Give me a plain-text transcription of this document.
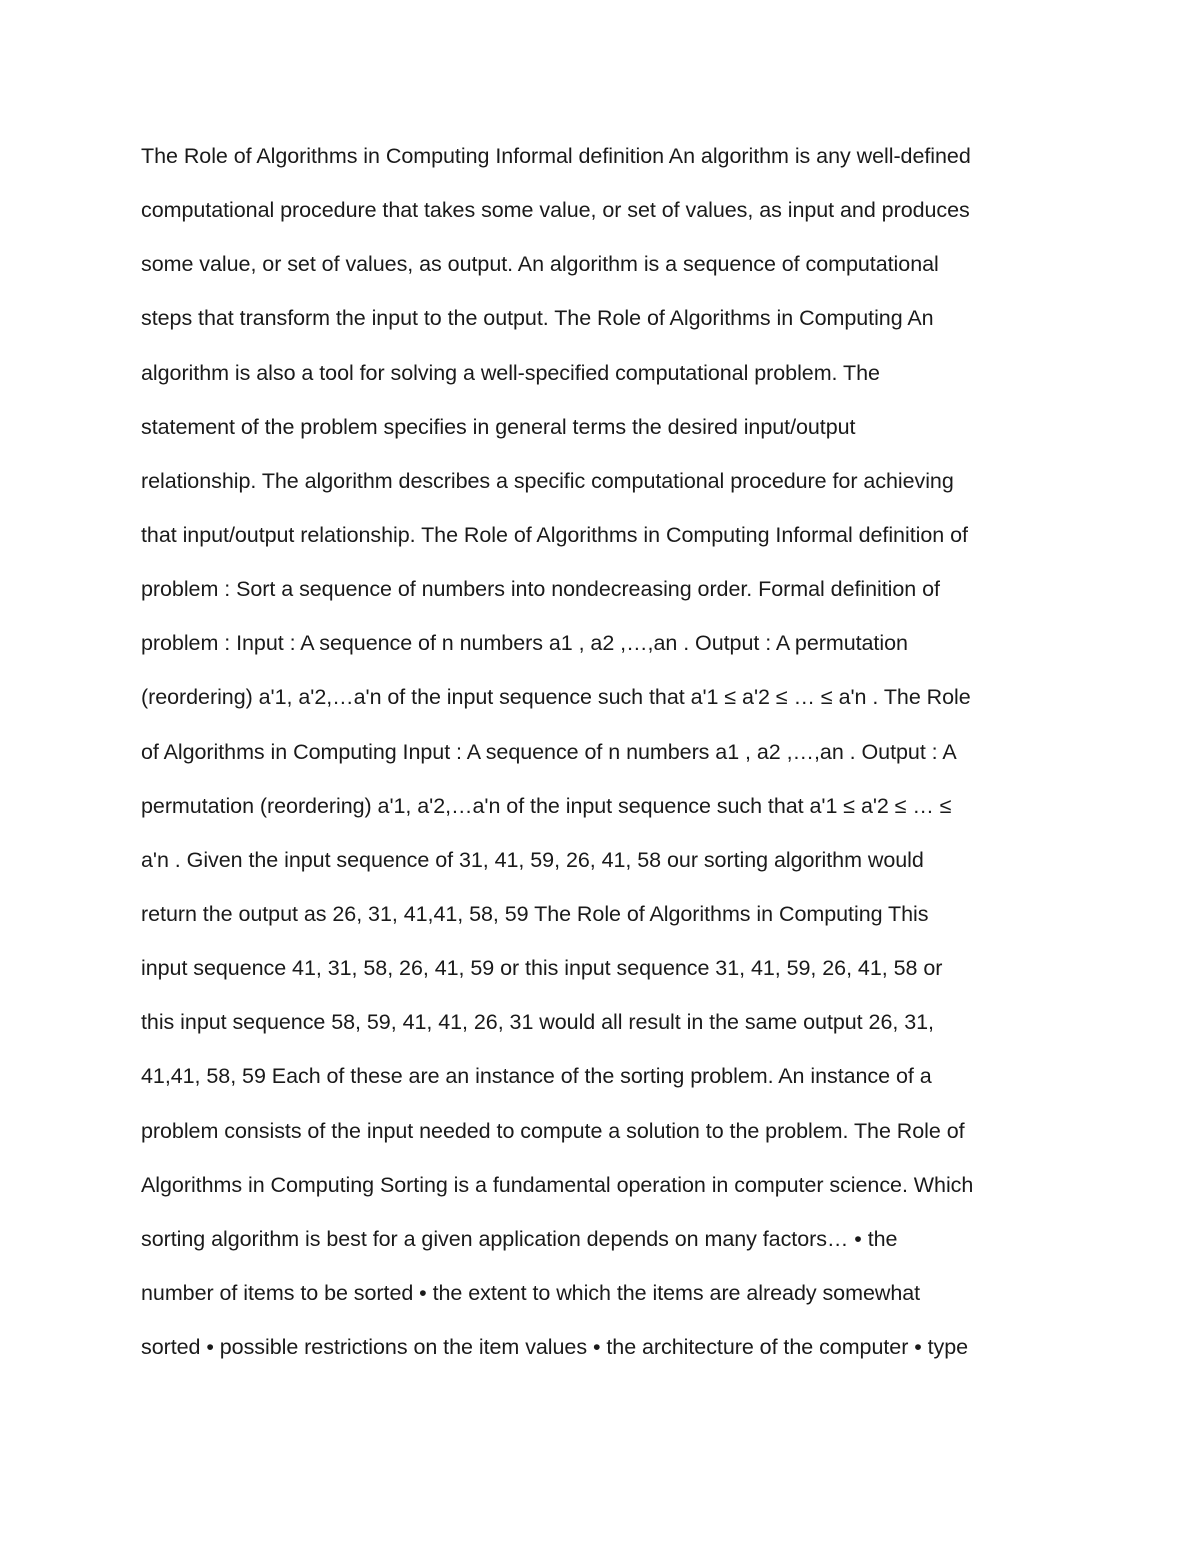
The Role of Algorithms in Computing Informal definition An algorithm is any well-defined
computational procedure that takes some value, or set of values, as input and produces
some value, or set of values, as output. An algorithm is a sequence of computational
steps that transform the input to the output. The Role of Algorithms in Computing An
algorithm is also a tool for solving a well-specified computational problem. The
statement of the problem specifies in general terms the desired input/output
relationship. The algorithm describes a specific computational procedure for achieving
that input/output relationship. The Role of Algorithms in Computing Informal definition of
problem : Sort a sequence of numbers into nondecreasing order. Formal definition of
problem : Input : A sequence of n numbers a1 , a2 ,…,an . Output : A permutation
(reordering) a'1, a'2,…a'n of the input sequence such that a'1 ≤ a'2 ≤ … ≤ a'n . The Role
of Algorithms in Computing Input : A sequence of n numbers a1 , a2 ,…,an . Output : A
permutation (reordering) a'1, a'2,…a'n of the input sequence such that a'1 ≤ a'2 ≤ … ≤
a'n . Given the input sequence of 31, 41, 59, 26, 41, 58 our sorting algorithm would
return the output as 26, 31, 41,41, 58, 59 The Role of Algorithms in Computing This
input sequence 41, 31, 58, 26, 41, 59 or this input sequence 31, 41, 59, 26, 41, 58 or
this input sequence 58, 59, 41, 41, 26, 31 would all result in the same output 26, 31,
41,41, 58, 59 Each of these are an instance of the sorting problem. An instance of a
problem consists of the input needed to compute a solution to the problem. The Role of
Algorithms in Computing Sorting is a fundamental operation in computer science. Which
sorting algorithm is best for a given application depends on many factors… • the
number of items to be sorted • the extent to which the items are already somewhat
sorted • possible restrictions on the item values • the architecture of the computer • type
